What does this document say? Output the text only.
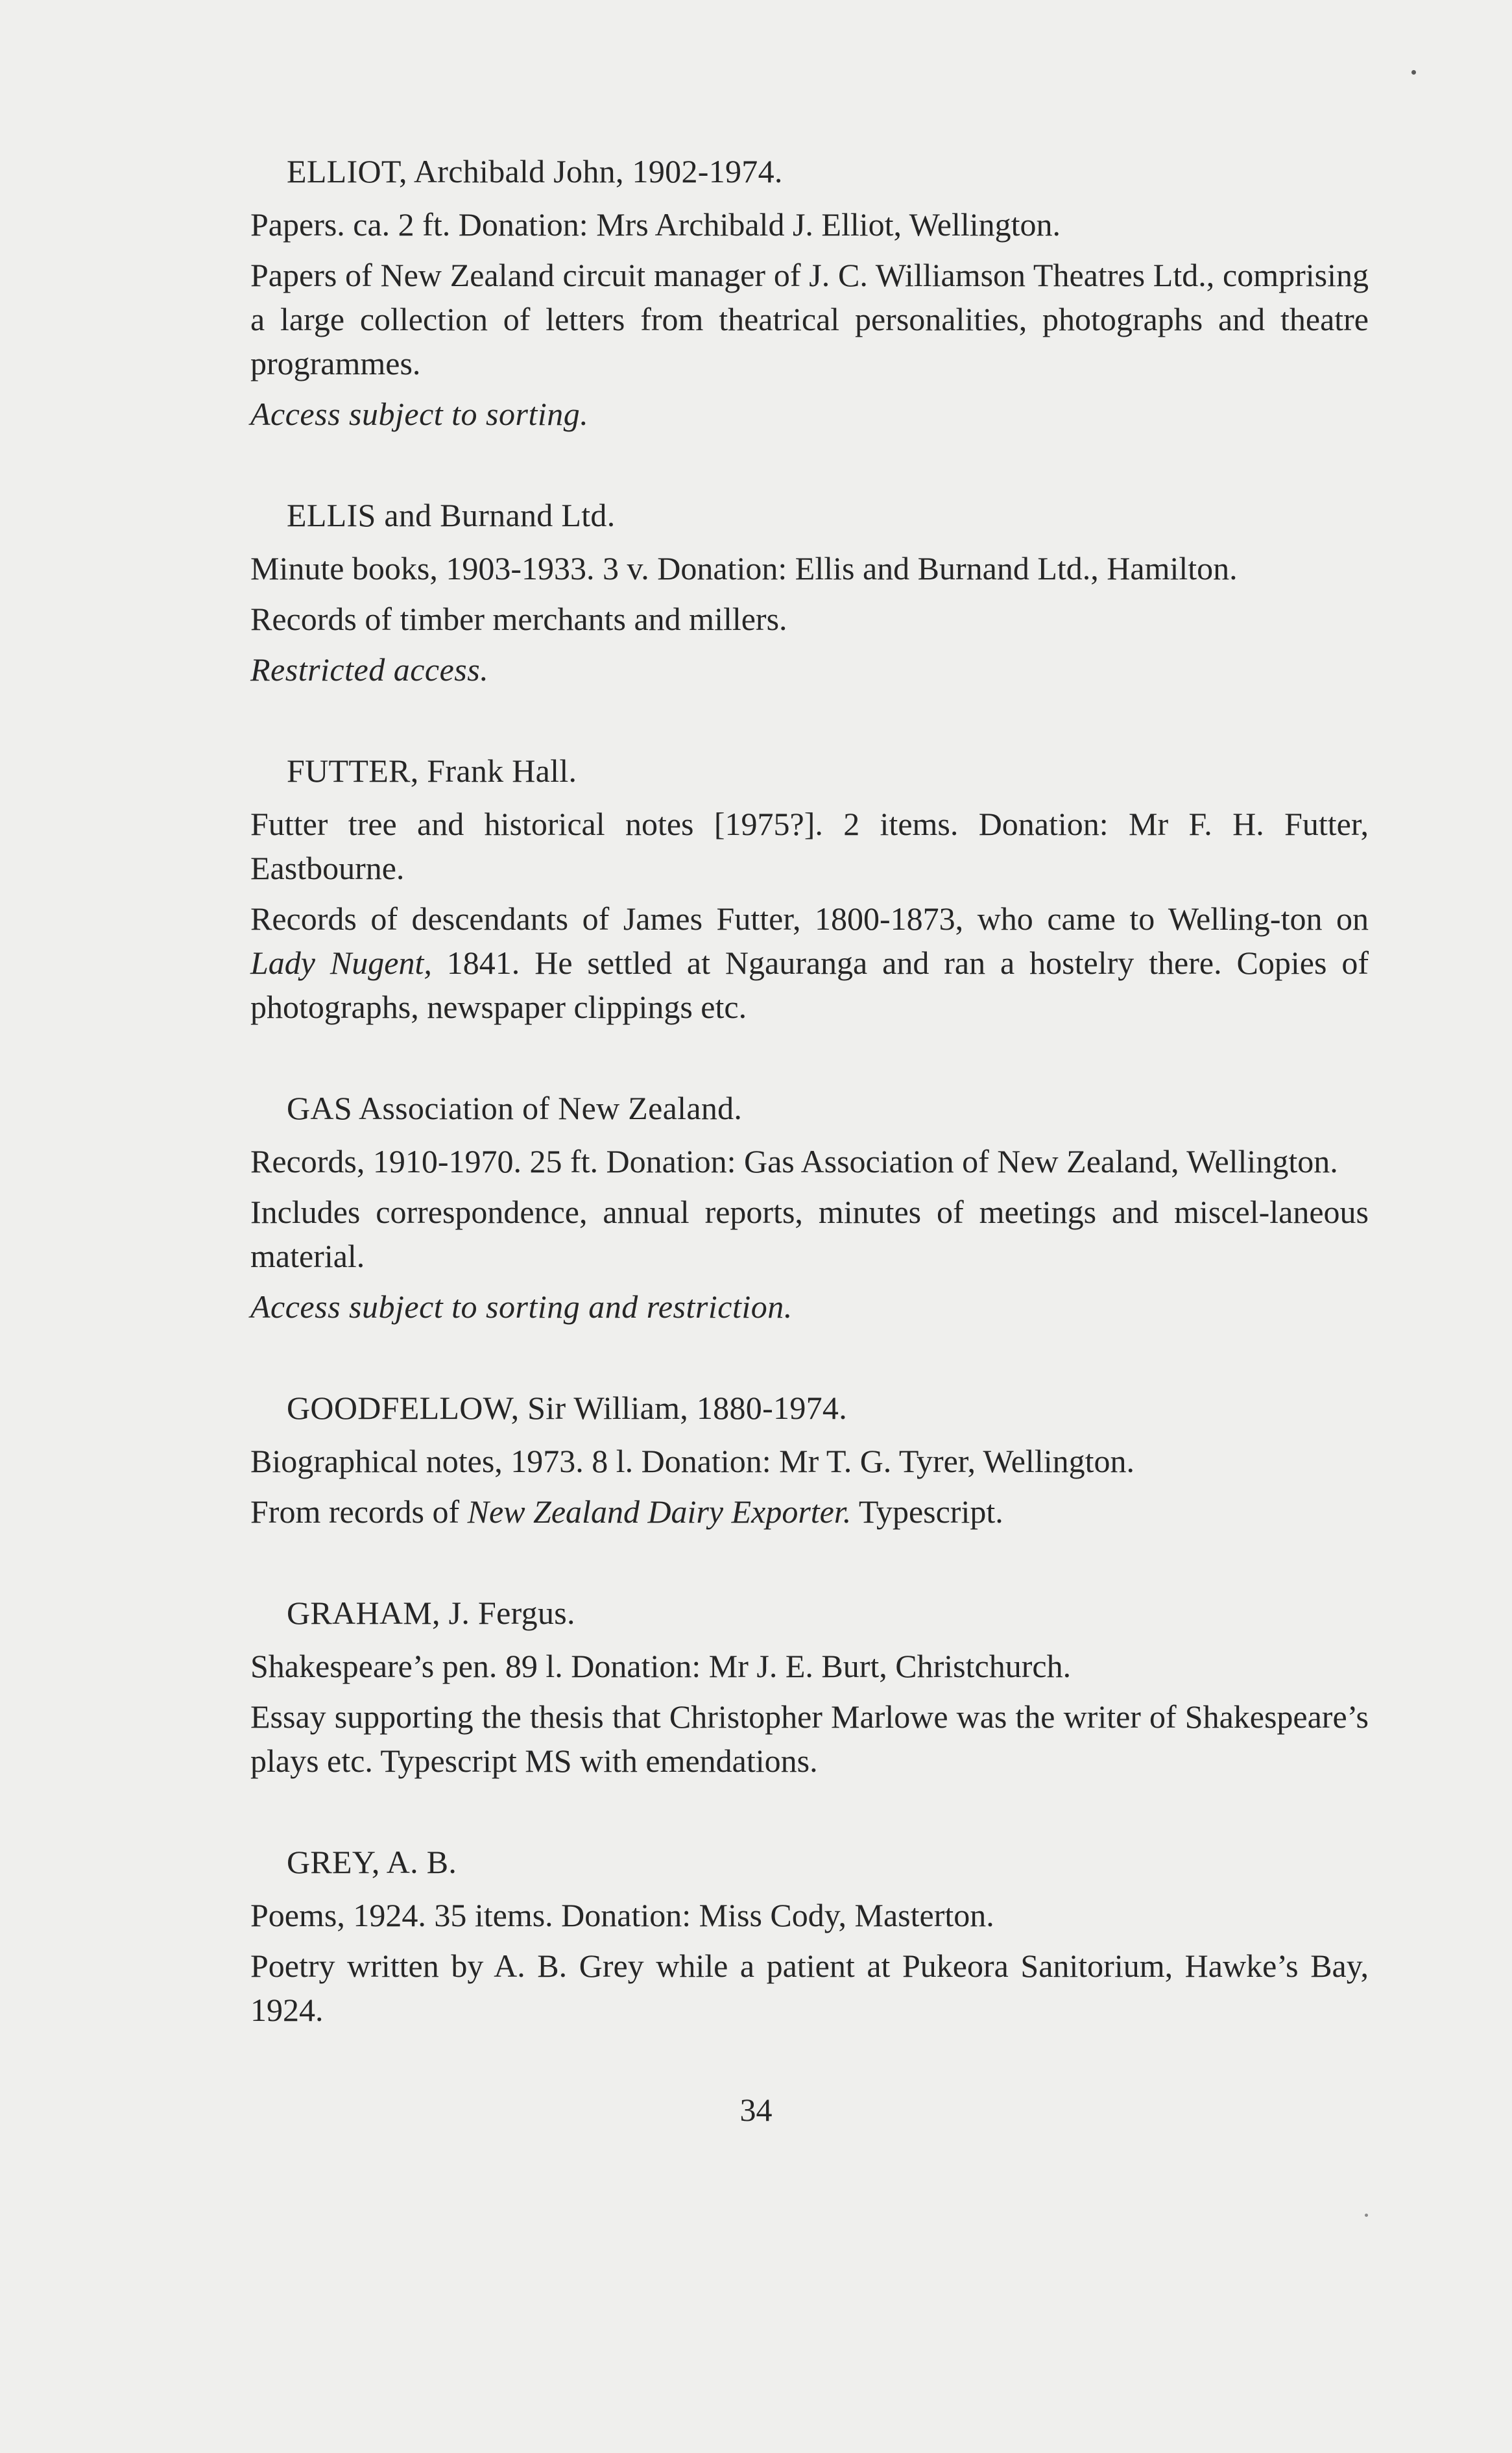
ELLIOT, Archibald John, 1902-1974.

Papers. ca. 2 ft. Donation: Mrs Archibald J. Elliot, Wellington.

Papers of New Zealand circuit manager of J. C. Williamson Theatres Ltd., comprising a large collection of letters from theatrical personalities, photographs and theatre programmes.

Access subject to sorting.

ELLIS and Burnand Ltd.

Minute books, 1903-1933. 3 v. Donation: Ellis and Burnand Ltd., Hamilton.

Records of timber merchants and millers.

Restricted access.

FUTTER, Frank Hall.

Futter tree and historical notes [1975?]. 2 items. Donation: Mr F. H. Futter, Eastbourne.

Records of descendants of James Futter, 1800-1873, who came to Welling-ton on Lady Nugent, 1841. He settled at Ngauranga and ran a hostelry there. Copies of photographs, newspaper clippings etc.

GAS Association of New Zealand.

Records, 1910-1970. 25 ft. Donation: Gas Association of New Zealand, Wellington.

Includes correspondence, annual reports, minutes of meetings and miscel-laneous material.

Access subject to sorting and restriction.

GOODFELLOW, Sir William, 1880-1974.

Biographical notes, 1973. 8 l. Donation: Mr T. G. Tyrer, Wellington.

From records of New Zealand Dairy Exporter. Typescript.

GRAHAM, J. Fergus.

Shakespeare’s pen. 89 l. Donation: Mr J. E. Burt, Christchurch.

Essay supporting the thesis that Christopher Marlowe was the writer of Shakespeare’s plays etc. Typescript MS with emendations.

GREY, A. B.

Poems, 1924. 35 items. Donation: Miss Cody, Masterton.

Poetry written by A. B. Grey while a patient at Pukeora Sanitorium, Hawke’s Bay, 1924.

34
